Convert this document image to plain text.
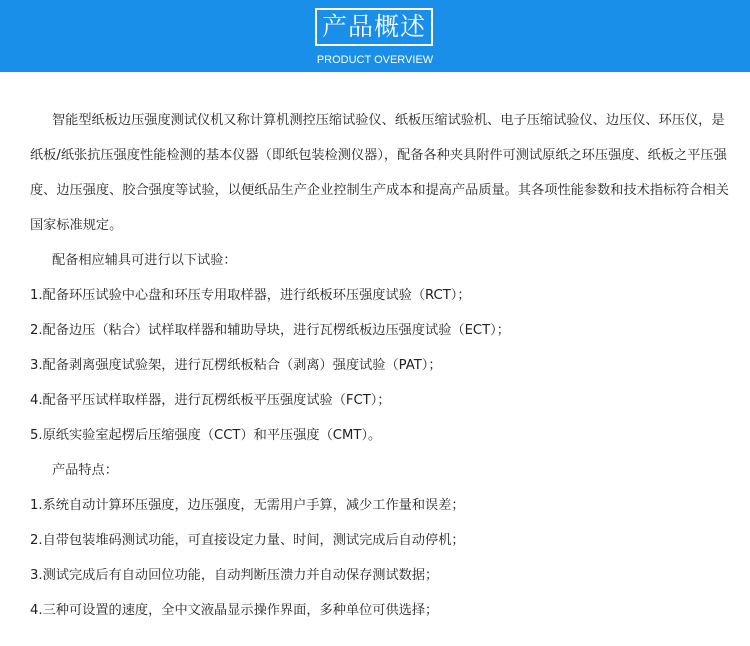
产品概述
PRODUCT OVERVIEW

智能型纸板边压强度测试仪机又称计算机测控压缩试验仪、纸板压缩试验机、电子压缩试验仪、边压仪、环压仪，是纸板/纸张抗压强度性能检测的基本仪器（即纸包装检测仪器），配备各种夹具附件可测试原纸之环压强度、纸板之平压强度、边压强度、胶合强度等试验，以便纸品生产企业控制生产成本和提高产品质量。其各项性能参数和技术指标符合相关国家标准规定。

配备相应辅具可进行以下试验：

1.配备环压试验中心盘和环压专用取样器，进行纸板环压强度试验（RCT）；

2.配备边压（粘合）试样取样器和辅助导块，进行瓦楞纸板边压强度试验（ECT）；

3.配备剥离强度试验架，进行瓦楞纸板粘合（剥离）强度试验（PAT）；

4.配备平压试样取样器，进行瓦楞纸板平压强度试验（FCT）；

5.原纸实验室起楞后压缩强度（CCT）和平压强度（CMT）。

产品特点：

1.系统自动计算环压强度，边压强度，无需用户手算，减少工作量和误差；

2.自带包装堆码测试功能，可直接设定力量、时间，测试完成后自动停机；

3.测试完成后有自动回位功能，自动判断压溃力并自动保存测试数据；

4.三种可设置的速度，全中文液晶显示操作界面，多种单位可供选择；
